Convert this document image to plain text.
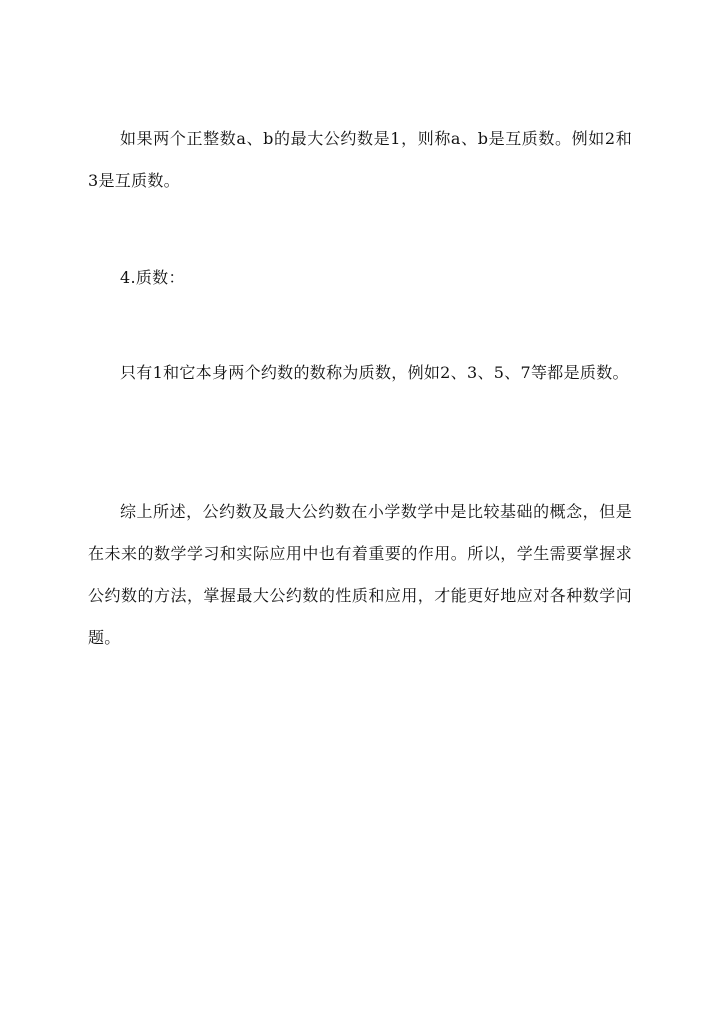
如果两个正整数a、b的最大公约数是1，则称a、b是互质数。例如2和3是互质数。

4.质数：

只有1和它本身两个约数的数称为质数，例如2、3、5、7等都是质数。

综上所述，公约数及最大公约数在小学数学中是比较基础的概念，但是在未来的数学学习和实际应用中也有着重要的作用。所以，学生需要掌握求公约数的方法，掌握最大公约数的性质和应用，才能更好地应对各种数学问题。
